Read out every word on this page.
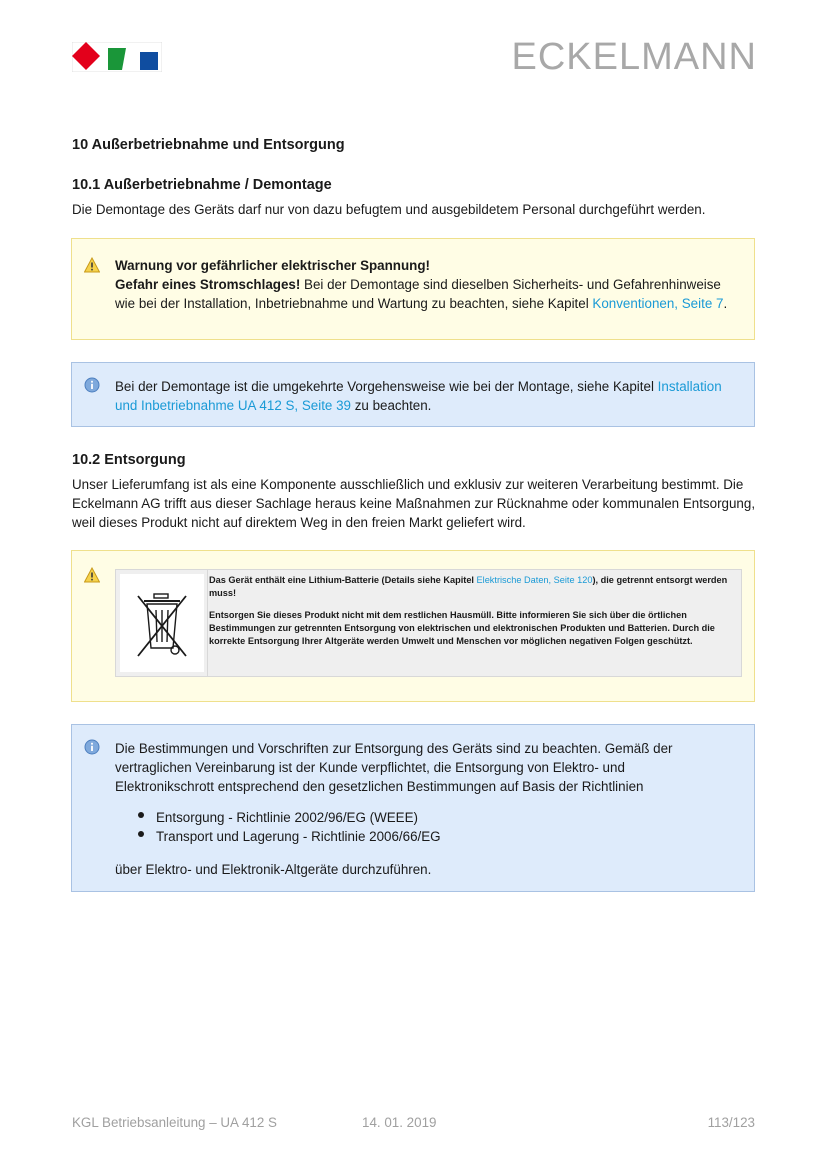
ECKELMANN
10 Außerbetriebnahme und Entsorgung
10.1 Außerbetriebnahme / Demontage
Die Demontage des Geräts darf nur von dazu befugtem und ausgebildetem Personal durchgeführt werden.
Warnung vor gefährlicher elektrischer Spannung!
Gefahr eines Stromschlages! Bei der Demontage sind dieselben Sicherheits- und Gefahrenhinweise wie bei der Installation, Inbetriebnahme und Wartung zu beachten, siehe Kapitel Konventionen, Seite 7.
Bei der Demontage ist die umgekehrte Vorgehensweise wie bei der Montage, siehe Kapitel Installation und Inbetriebnahme UA 412 S, Seite 39 zu beachten.
10.2 Entsorgung
Unser Lieferumfang ist als eine Komponente ausschließlich und exklusiv zur weiteren Verarbeitung bestimmt. Die Eckelmann AG trifft aus dieser Sachlage heraus keine Maßnahmen zur Rücknahme oder kommunalen Entsorgung, weil dieses Produkt nicht auf direktem Weg in den freien Markt geliefert wird.
Das Gerät enthält eine Lithium-Batterie (Details siehe Kapitel Elektrische Daten, Seite 120), die getrennt entsorgt werden muss!
Entsorgen Sie dieses Produkt nicht mit dem restlichen Hausmüll. Bitte informieren Sie sich über die örtlichen Bestimmungen zur getrennten Entsorgung von elektrischen und elektronischen Produkten und Batterien. Durch die korrekte Entsorgung Ihrer Altgeräte werden Umwelt und Menschen vor möglichen negativen Folgen geschützt.
Die Bestimmungen und Vorschriften zur Entsorgung des Geräts sind zu beachten. Gemäß der vertraglichen Vereinbarung ist der Kunde verpflichtet, die Entsorgung von Elektro- und Elektronikschrott entsprechend den gesetzlichen Bestimmungen auf Basis der Richtlinien
Entsorgung - Richtlinie 2002/96/EG (WEEE)
Transport und Lagerung - Richtlinie 2006/66/EG
über Elektro- und Elektronik-Altgeräte durchzuführen.
KGL Betriebsanleitung – UA 412 S	14. 01. 2019	113/123
